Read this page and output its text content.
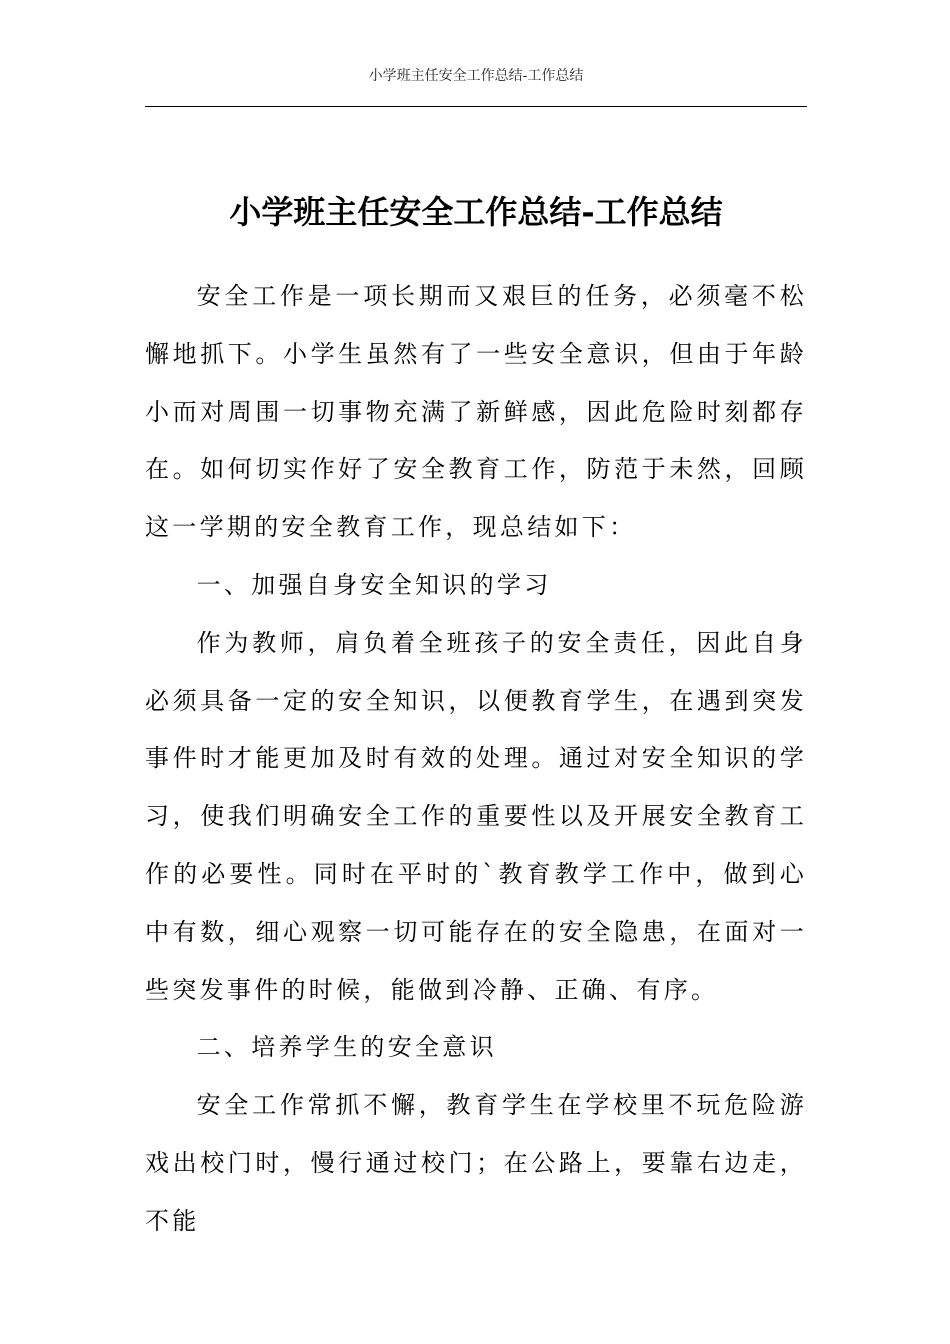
小学班主任安全工作总结-工作总结
小学班主任安全工作总结-工作总结

安全工作是一项长期而又艰巨的任务，必须毫不松懈地抓下。小学生虽然有了一些安全意识，但由于年龄小而对周围一切事物充满了新鲜感，因此危险时刻都存在。如何切实作好了安全教育工作，防范于未然，回顾这一学期的安全教育工作，现总结如下：

一、加强自身安全知识的学习

作为教师，肩负着全班孩子的安全责任，因此自身必须具备一定的安全知识，以便教育学生，在遇到突发事件时才能更加及时有效的处理。通过对安全知识的学习，使我们明确安全工作的重要性以及开展安全教育工作的必要性。同时在平时的`教育教学工作中，做到心中有数，细心观察一切可能存在的安全隐患，在面对一些突发事件的时候，能做到冷静、正确、有序。

二、培养学生的安全意识

安全工作常抓不懈，教育学生在学校里不玩危险游戏出校门时，慢行通过校门；在公路上，要靠右边走，不能
